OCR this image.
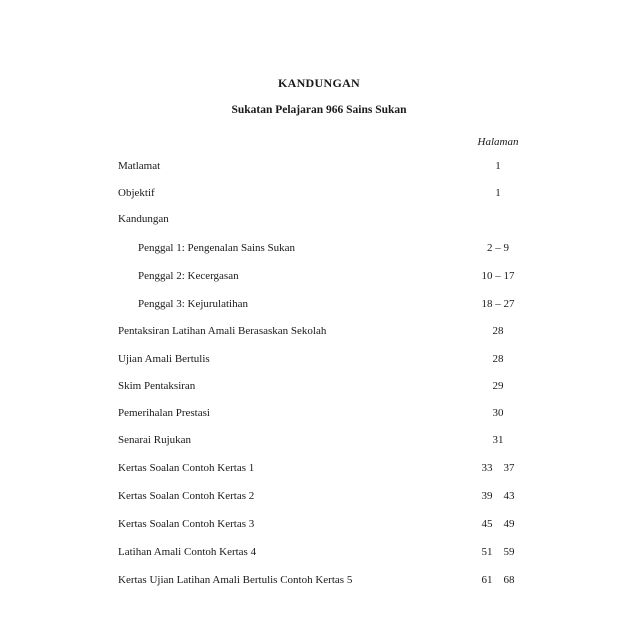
KANDUNGAN
Sukatan Pelajaran 966 Sains Sukan
Halaman
Matlamat	1
Objektif	1
Kandungan
Penggal 1: Pengenalan Sains Sukan	2 – 9
Penggal 2: Kecergasan	10 – 17
Penggal 3: Kejurulatihan	18 – 27
Pentaksiran Latihan Amali Berasaskan Sekolah	28
Ujian Amali Bertulis	28
Skim Pentaksiran	29
Pemerihalan Prestasi	30
Senarai Rujukan	31
Kertas Soalan Contoh Kertas 1	33    37
Kertas Soalan Contoh Kertas 2	39    43
Kertas Soalan Contoh Kertas 3	45    49
Latihan Amali Contoh Kertas 4	51    59
Kertas Ujian Latihan Amali Bertulis Contoh Kertas 5	61    68
